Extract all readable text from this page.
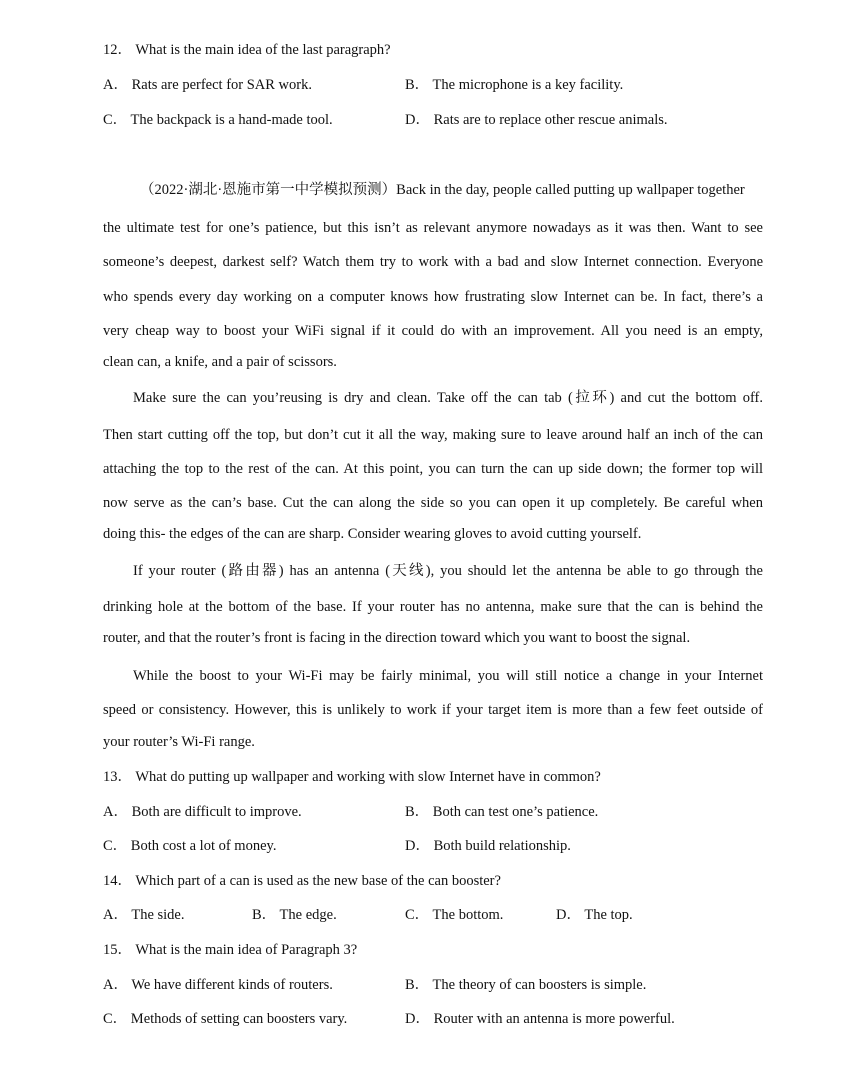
12． What is the main idea of the last paragraph?
A． Rats are perfect for SAR work.	B． The microphone is a key facility.
C． The backpack is a hand-made tool.	D． Rats are to replace other rescue animals.
（2022·湖北·恩施市第一中学模拟预测）Back in the day, people called putting up wallpaper together
the ultimate test for one’s patience, but this isn’t as relevant anymore nowadays as it was then. Want to see
someone’s deepest, darkest self? Watch them try to work with a bad and slow Internet connection. Everyone
who spends every day working on a computer knows how frustrating slow Internet can be. In fact, there’s a
very cheap way to boost your WiFi signal if it could do with an improvement. All you need is an empty,
clean can, a knife, and a pair of scissors.
Make sure the can you’reusing is dry and clean. Take off the can tab (拉环) and cut the bottom off.
Then start cutting off the top, but don’t cut it all the way, making sure to leave around half an inch of the can
attaching the top to the rest of the can. At this point, you can turn the can up side down; the former top will
now serve as the can’s base. Cut the can along the side so you can open it up completely. Be careful when
doing this- the edges of the can are sharp. Consider wearing gloves to avoid cutting yourself.
If your router (路由器) has an antenna (天线), you should let the antenna be able to go through the
drinking hole at the bottom of the base. If your router has no antenna, make sure that the can is behind the
router, and that the router’s front is facing in the direction toward which you want to boost the signal.
While the boost to your Wi-Fi may be fairly minimal, you will still notice a change in your Internet
speed or consistency. However, this is unlikely to work if your target item is more than a few feet outside of
your router’s Wi-Fi range.
13． What do putting up wallpaper and working with slow Internet have in common?
A． Both are difficult to improve.	B． Both can test one’s patience.
C． Both cost a lot of money.	D． Both build relationship.
14． Which part of a can is used as the new base of the can booster?
A． The side.	B． The edge.	C． The bottom.	D． The top.
15． What is the main idea of Paragraph 3?
A． We have different kinds of routers.	B． The theory of can boosters is simple.
C． Methods of setting can boosters vary.	D． Router with an antenna is more powerful.
